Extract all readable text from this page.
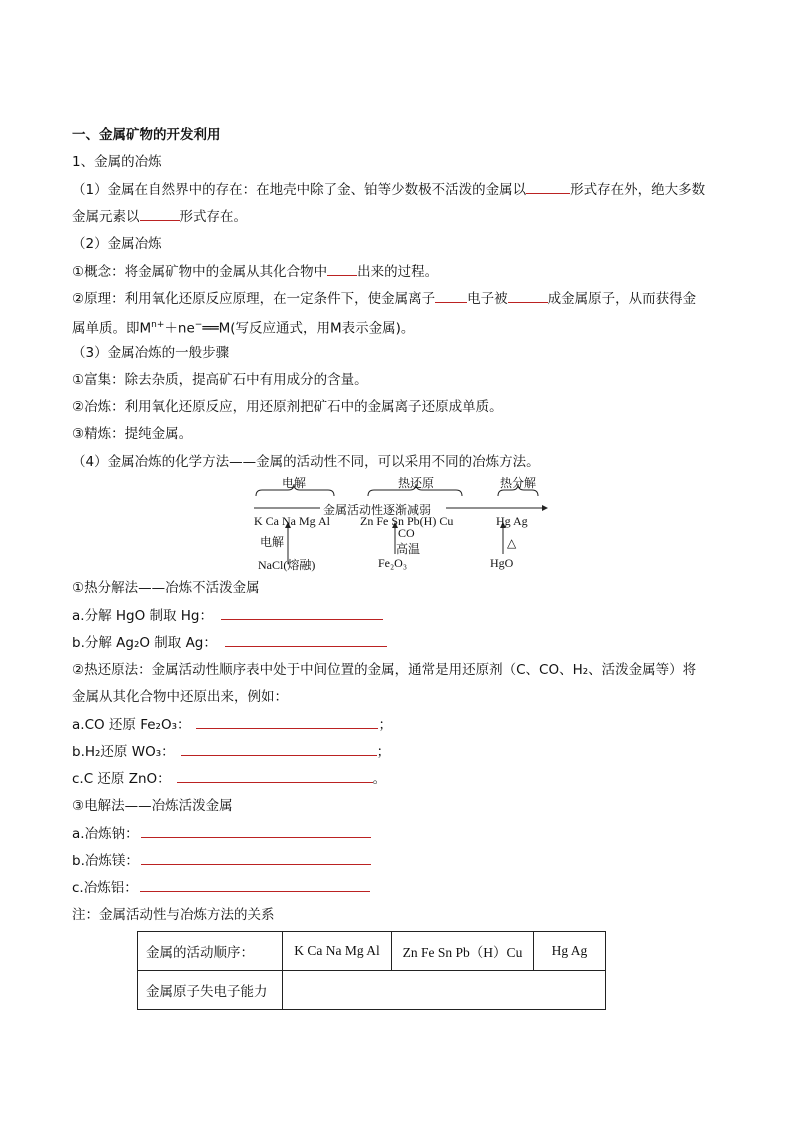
一、金属矿物的开发利用
1、金属的冶炼
（1）金属在自然界中的存在：在地壳中除了金、铂等少数极不活泼的金属以	形式存在外，绝大多数
金属元素以	形式存在。
（2）金属冶炼
①概念：将金属矿物中的金属从其化合物中 出来的过程。
②原理：利用氧化还原反应原理，在一定条件下，使金属离子 电子被	成金属原子，从而获得金
属单质。即$M^{n+}+ne^-══M$(写反应通式，用M表示金属)。
（3）金属冶炼的一般步骤
①富集：除去杂质，提高矿石中有用成分的含量。
②冶炼：利用氧化还原反应，用还原剂把矿石中的金属离子还原成单质。
③精炼：提纯金属。
（4）金属冶炼的化学方法——金属的活动性不同，可以采用不同的冶炼方法。
电解	热还原	热分解
金属活动性逐渐减弱
K Ca Na Mg Al	Zn Fe Sn Pb(H) Cu	Hg Ag
电解
NaCl(熔融)
CO
高温
Fe₂O₃
△
HgO
①热分解法——冶炼不活泼金属
a.分解 HgO 制取 Hg：
b.分解 Ag₂O 制取 Ag：
②热还原法：金属活动性顺序表中处于中间位置的金属，通常是用还原剂（C、CO、H₂、活泼金属等）将
金属从其化合物中还原出来，例如：
a.CO 还原 Fe₂O₃：	；
b.H₂还原 WO₃：	；
c.C 还原 ZnO：	。
③电解法——冶炼活泼金属
a.冶炼钠：
b.冶炼镁：
c.冶炼铝：
注：金属活动性与冶炼方法的关系
金属的活动顺序：	K Ca Na Mg Al	Zn Fe Sn Pb（H）Cu	Hg Ag
金属原子失电子能力			
